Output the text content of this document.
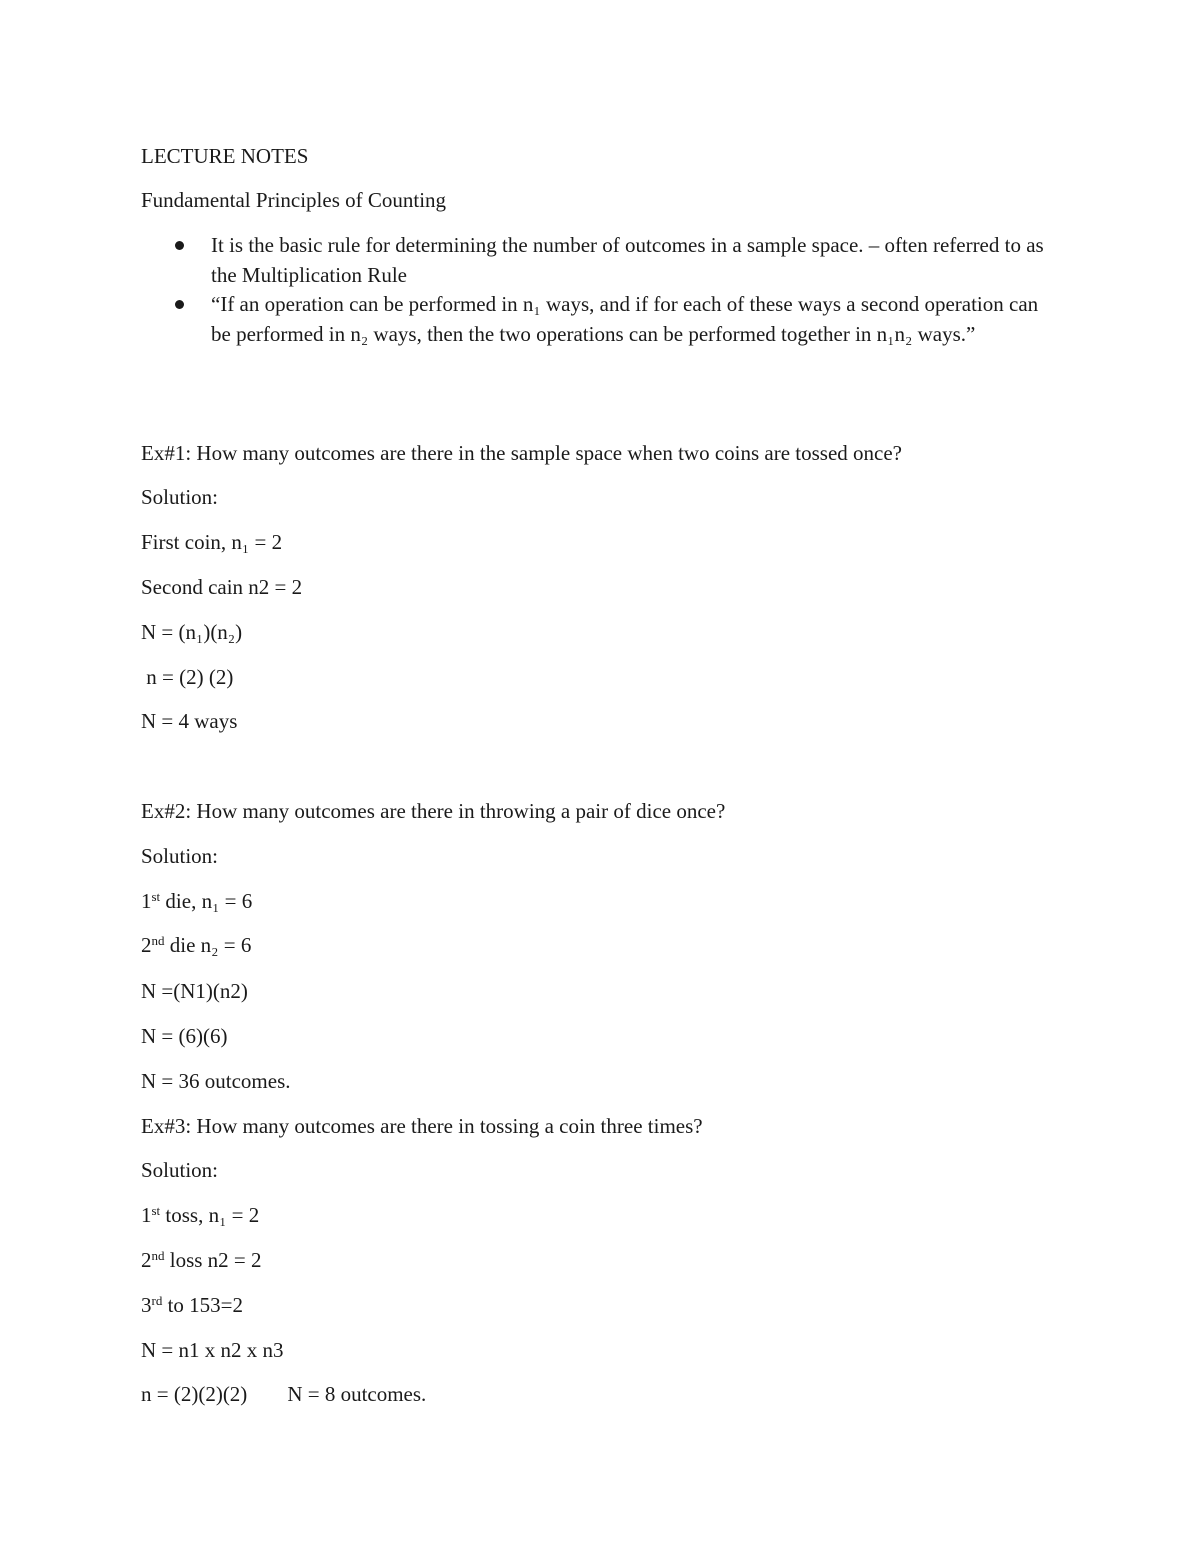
LECTURE NOTES
Fundamental Principles of Counting
It is the basic rule for determining the number of outcomes in a sample space. – often referred to as the Multiplication Rule
“If an operation can be performed in n₁ ways, and if for each of these ways a second operation can be performed in n₂ ways, then the two operations can be performed together in n₁n₂ ways.”
Ex#1: How many outcomes are there in the sample space when two coins are tossed once?
Solution:
First coin, n₁ = 2
Second cain n2 = 2
N = (n₁)(n₂)
n = (2) (2)
N = 4 ways
Ex#2: How many outcomes are there in throwing a pair of dice once?
Solution:
1st die, n₁ = 6
2nd die n₂ = 6
N =(N1)(n2)
N = (6)(6)
N = 36 outcomes.
Ex#3: How many outcomes are there in tossing a coin three times?
Solution:
1st toss, n₁ = 2
2nd loss n2 = 2
3rd to 153=2
N = n1 x n2 x n3
n = (2)(2)(2) N = 8 outcomes.
